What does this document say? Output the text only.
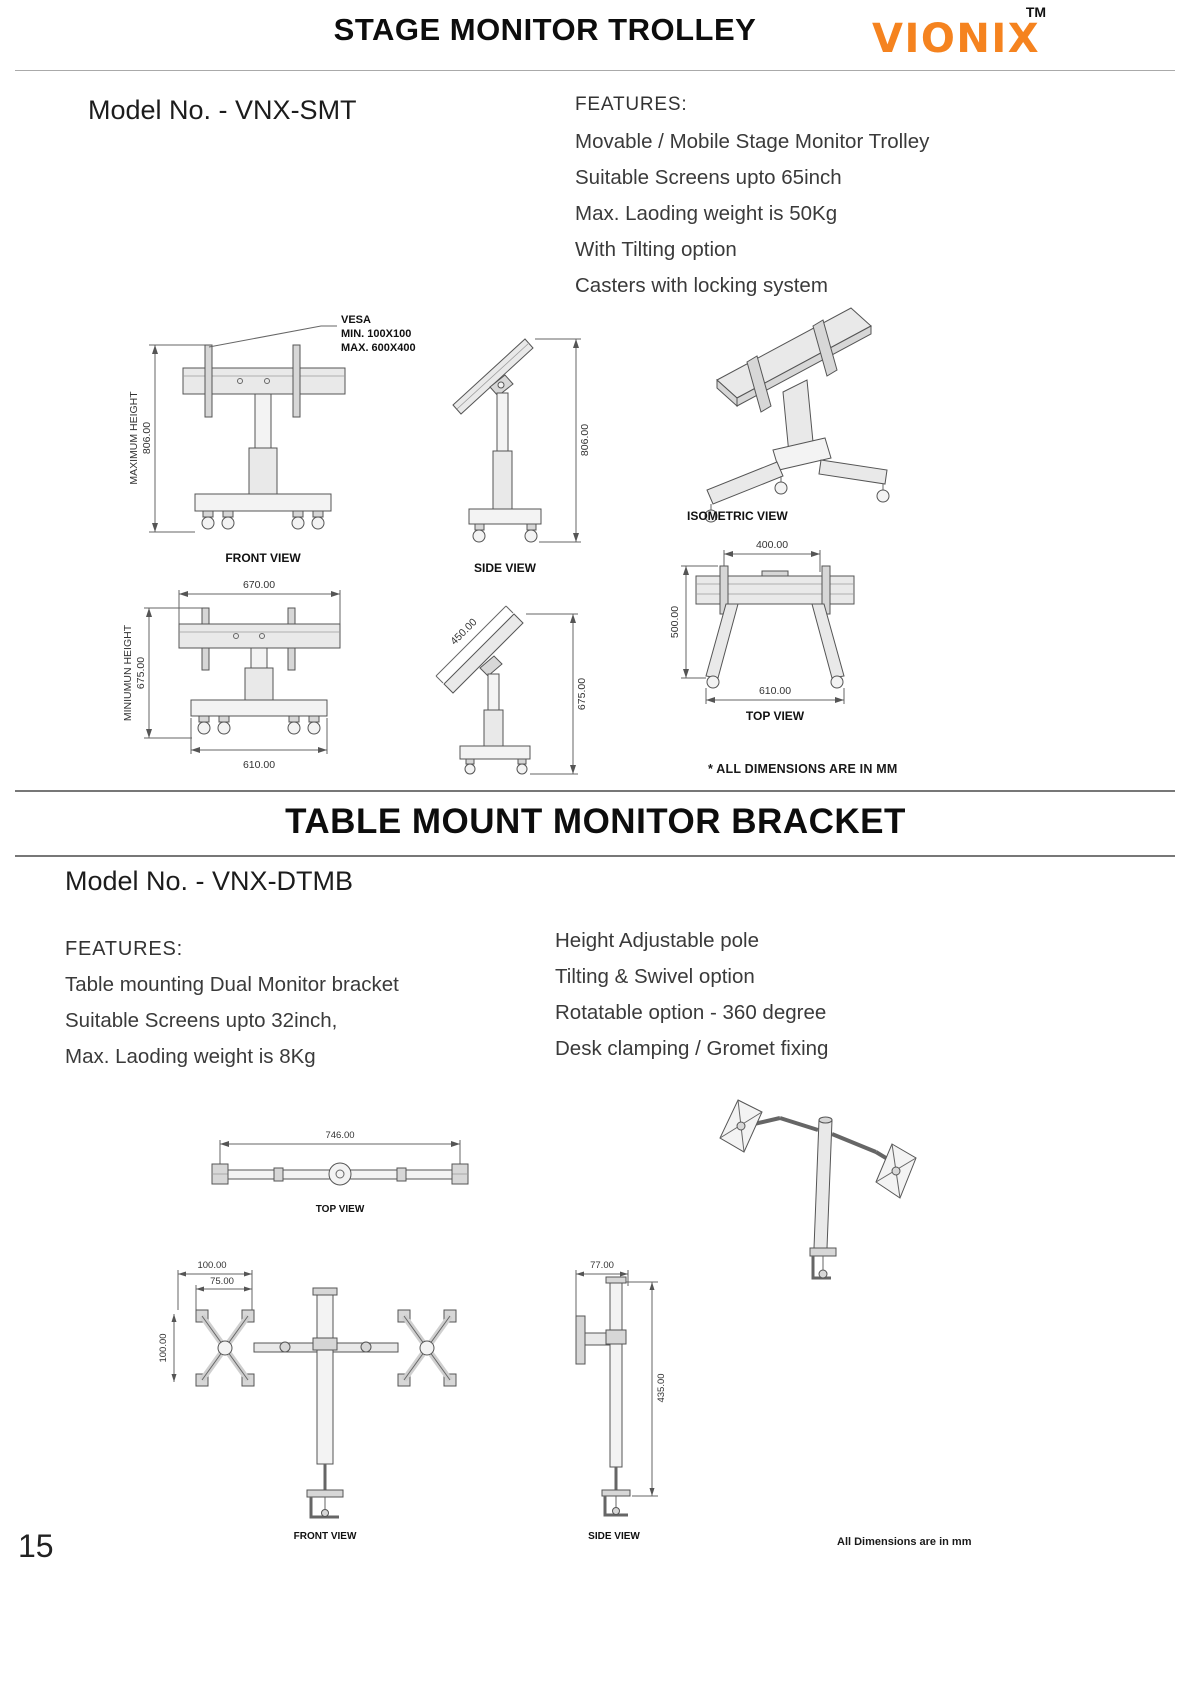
STAGE MONITOR TROLLEY	TM
VIONIX
Model No. - VNX-SMT	FEATURES:
Movable / Mobile Stage Monitor Trolley
Suitable Screens upto 65inch
Max. Laoding weight is 50Kg
With Tilting option
Casters with locking system
MAXIMUM HEIGHT 806.00
VESA
MIN. 100X100
MAX. 600X400
FRONT VIEW
806.00
SIDE VIEW
ISOMETRIC VIEW
670.00
MINIUMUN HEIGHT 675.00
610.00
450.00
675.00
400.00
500.00
610.00
TOP VIEW
* ALL DIMENSIONS ARE IN MM
TABLE MOUNT MONITOR BRACKET
Model No. - VNX-DTMB
FEATURES:
Table mounting Dual Monitor bracket
Suitable Screens upto 32inch,
Max. Laoding weight is 8Kg
Height Adjustable pole
Tilting & Swivel option
Rotatable option - 360 degree
Desk clamping / Gromet fixing
746.00
TOP VIEW
100.00
75.00
100.00
FRONT VIEW
77.00
435.00
SIDE VIEW	All Dimensions are in mm
15
